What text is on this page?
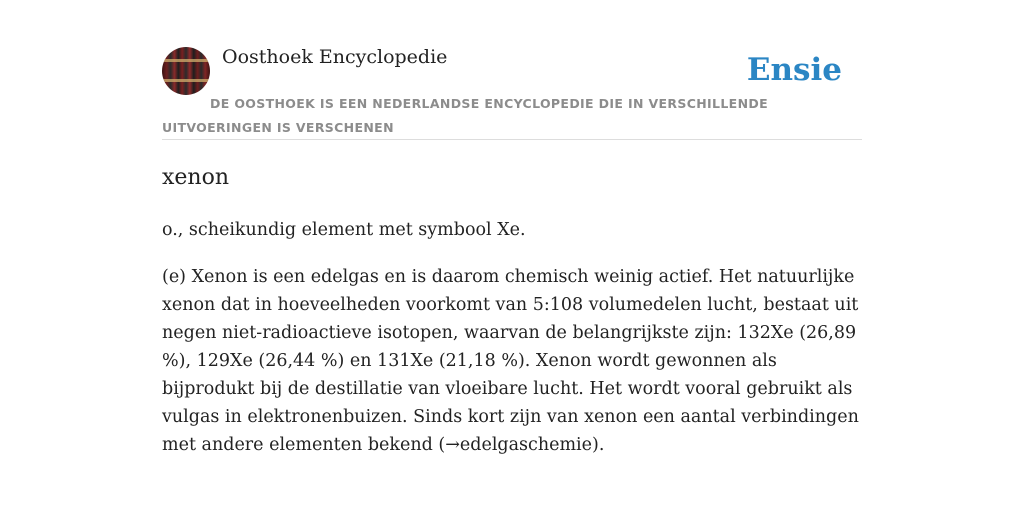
Oosthoek Encyclopedie	Ensie
DE OOSTHOEK IS EEN NEDERLANDSE ENCYCLOPEDIE DIE IN VERSCHILLENDE UITVOERINGEN IS VERSCHENEN
xenon

o., scheikundig element met symbool Xe.

(e) Xenon is een edelgas en is daarom chemisch weinig actief. Het natuurlijke xenon dat in hoeveelheden voorkomt van 5:108 volumedelen lucht, bestaat uit negen niet-radioactieve isotopen, waarvan de belangrijkste zijn: 132Xe (26,89 %), 129Xe (26,44 %) en 131Xe (21,18 %). Xenon wordt gewonnen als bijprodukt bij de destillatie van vloeibare lucht. Het wordt vooral gebruikt als vulgas in elektronenbuizen. Sinds kort zijn van xenon een aantal verbindingen met andere elementen bekend (→edelgaschemie).
